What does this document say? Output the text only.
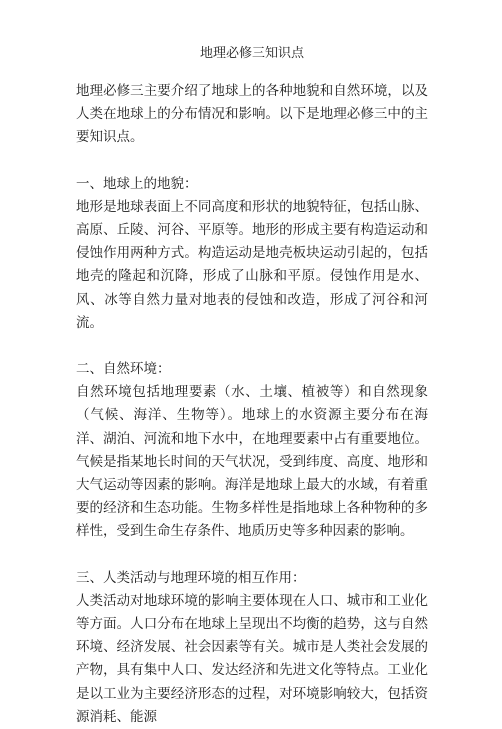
地理必修三知识点

地理必修三主要介绍了地球上的各种地貌和自然环境，以及人类在地球上的分布情况和影响。以下是地理必修三中的主要知识点。

一、地球上的地貌：

地形是地球表面上不同高度和形状的地貌特征，包括山脉、高原、丘陵、河谷、平原等。地形的形成主要有构造运动和侵蚀作用两种方式。构造运动是地壳板块运动引起的，包括地壳的隆起和沉降，形成了山脉和平原。侵蚀作用是水、风、冰等自然力量对地表的侵蚀和改造，形成了河谷和河流。

二、自然环境：

自然环境包括地理要素（水、土壤、植被等）和自然现象（气候、海洋、生物等）。地球上的水资源主要分布在海洋、湖泊、河流和地下水中，在地理要素中占有重要地位。气候是指某地长时间的天气状况，受到纬度、高度、地形和大气运动等因素的影响。海洋是地球上最大的水域，有着重要的经济和生态功能。生物多样性是指地球上各种物种的多样性，受到生命生存条件、地质历史等多种因素的影响。

三、人类活动与地理环境的相互作用：

人类活动对地球环境的影响主要体现在人口、城市和工业化等方面。人口分布在地球上呈现出不均衡的趋势，这与自然环境、经济发展、社会因素等有关。城市是人类社会发展的产物，具有集中人口、发达经济和先进文化等特点。工业化是以工业为主要经济形态的过程，对环境影响较大，包括资源消耗、能源
